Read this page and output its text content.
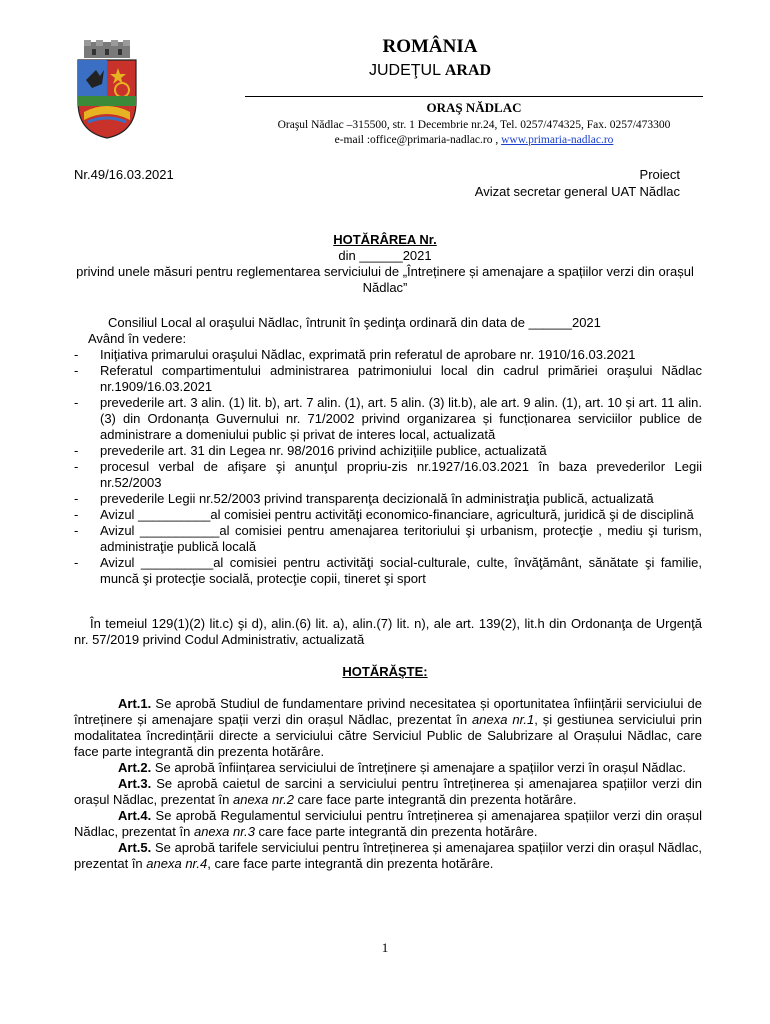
ROMÂNIA
JUDEŢUL ARAD
ORAŞ NĂDLAC
Oraşul Nădlac –315500, str. 1 Decembrie nr.24, Tel. 0257/474325, Fax. 0257/473300
e-mail :office@primaria-nadlac.ro , www.primaria-nadlac.ro
Nr.49/16.03.2021	Proiect
Avizat secretar general UAT Nădlac
HOTĂRÂREA Nr.
din ______2021
privind unele măsuri pentru reglementarea serviciului de „Întreținere și amenajare a spațiilor verzi din orașul Nădlac”
Consiliul Local al oraşului Nădlac, întrunit în şedinţa ordinară din data de ______2021
Având în vedere:
- Iniţiativa primarului oraşului Nădlac, exprimată prin referatul de aprobare nr. 1910/16.03.2021
- Referatul compartimentului administrarea patrimoniului local din cadrul primăriei oraşului Nădlac nr.1909/16.03.2021
- prevederile art. 3 alin. (1) lit. b), art. 7 alin. (1), art. 5 alin. (3) lit.b), ale art. 9 alin. (1), art. 10 și art. 11 alin. (3) din Ordonanța Guvernului nr. 71/2002 privind organizarea și funcționarea serviciilor publice de administrare a domeniului public și privat de interes local, actualizată
- prevederile art. 31 din Legea nr. 98/2016 privind achizițiile publice, actualizată
- procesul verbal de afişare şi anunţul propriu-zis nr.1927/16.03.2021 în baza prevederilor Legii nr.52/2003
- prevederile Legii nr.52/2003 privind transparenţa decizională în administraţia publică, actualizată
- Avizul __________al comisiei pentru activităţi economico-financiare, agricultură, juridică şi de disciplină
- Avizul ___________al comisiei pentru amenajarea teritoriului şi urbanism, protecţie , mediu şi turism, administraţie publică locală
- Avizul __________al comisiei pentru activităţi social-culturale, culte, învăţământ, sănătate şi familie, muncă şi protecţie socială, protecţie copii, tineret şi sport
În temeiul 129(1)(2) lit.c) şi d), alin.(6) lit. a), alin.(7) lit. n), ale art. 139(2), lit.h din Ordonanţa de Urgenţă nr. 57/2019 privind Codul Administrativ, actualizată
HOTĂRĂŞTE:

Art.1. Se aprobă Studiul de fundamentare privind necesitatea și oportunitatea înființării serviciului de întreținere și amenajare spații verzi din orașul Nădlac, prezentat în anexa nr.1, și gestiunea serviciului prin modalitatea încredințării directe a serviciului către Serviciul Public de Salubrizare al Orașului Nădlac, care face parte integrantă din prezenta hotărâre.

Art.2. Se aprobă înființarea serviciului de întreținere și amenajare a spațiilor verzi în orașul Nădlac.

Art.3. Se aprobă caietul de sarcini a serviciului pentru întreținerea și amenajarea spațiilor verzi din orașul Nădlac, prezentat în anexa nr.2 care face parte integrantă din prezenta hotărâre.

Art.4. Se aprobă Regulamentul serviciului pentru întreținerea și amenajarea spațiilor verzi din orașul Nădlac, prezentat în anexa nr.3 care face parte integrantă din prezenta hotărâre.

Art.5. Se aprobă tarifele serviciului pentru întreținerea și amenajarea spațiilor verzi din orașul Nădlac, prezentat în anexa nr.4, care face parte integrantă din prezenta hotărâre.

1
